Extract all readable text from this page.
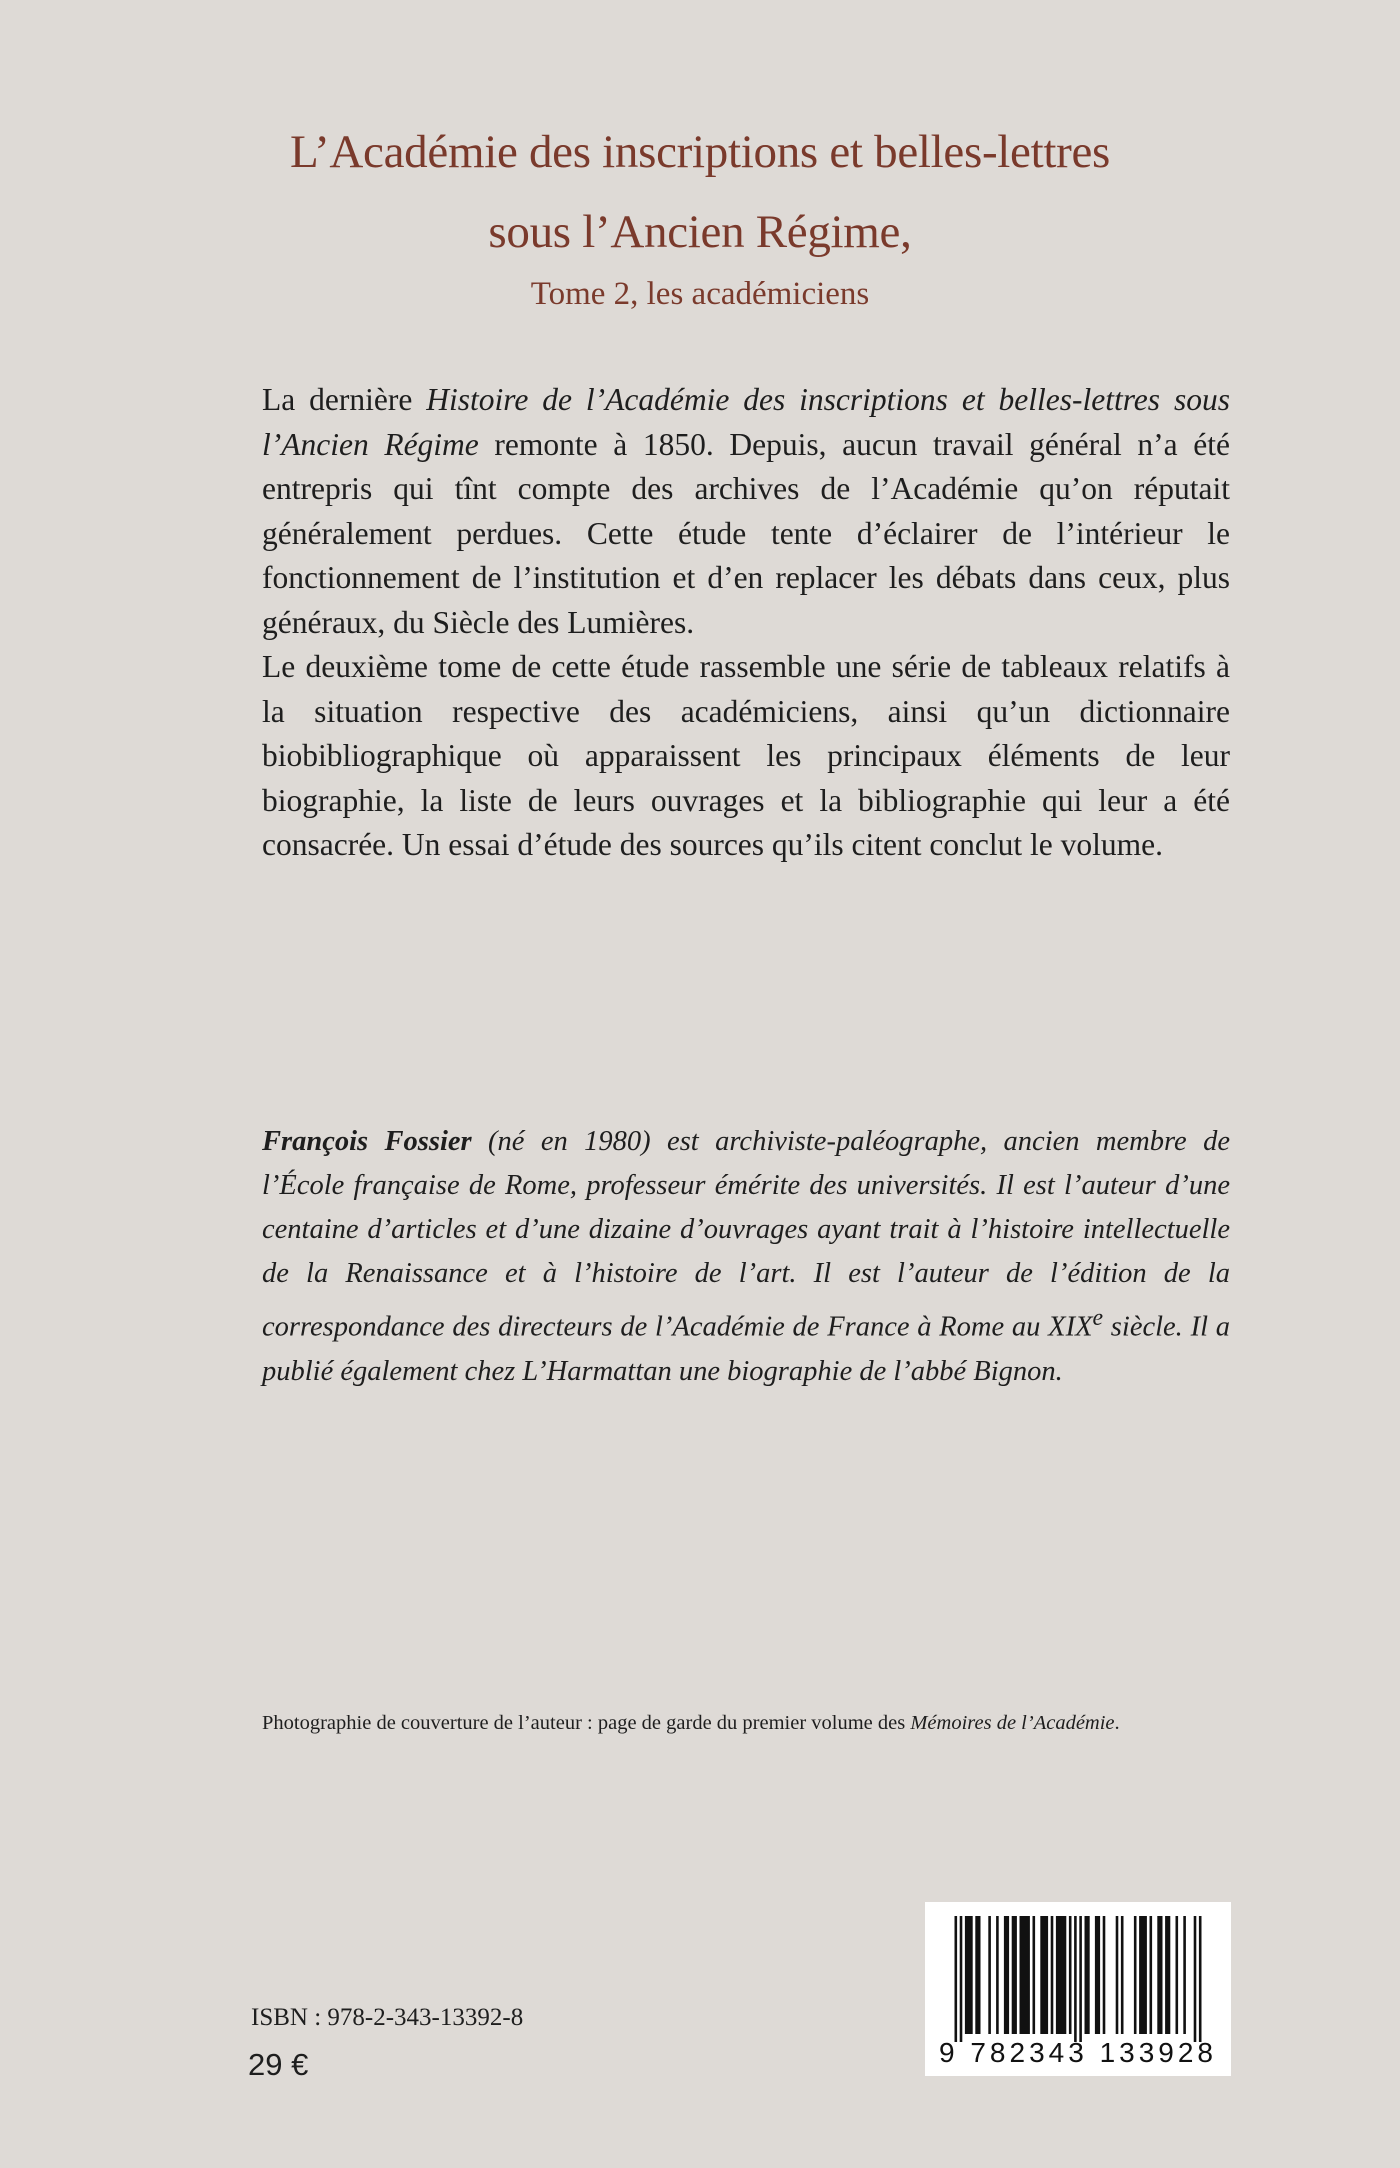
L’Académie des inscriptions et belles-lettres
sous l’Ancien Régime,
Tome 2, les académiciens

La dernière Histoire de l’Académie des inscriptions et belles-lettres sous l’Ancien Régime remonte à 1850. Depuis, aucun travail général n’a été entrepris qui tînt compte des archives de l’Académie qu’on réputait généralement perdues. Cette étude tente d’éclairer de l’intérieur le fonctionnement de l’institution et d’en replacer les débats dans ceux, plus généraux, du Siècle des Lumières.

Le deuxième tome de cette étude rassemble une série de tableaux relatifs à la situation respective des académiciens, ainsi qu’un dictionnaire biobibliographique où apparaissent les principaux éléments de leur biographie, la liste de leurs ouvrages et la bibliographie qui leur a été consacrée. Un essai d’étude des sources qu’ils citent conclut le volume.

François Fossier (né en 1980) est archiviste-paléographe, ancien membre de l’École française de Rome, professeur émérite des universités. Il est l’auteur d’une centaine d’articles et d’une dizaine d’ouvrages ayant trait à l’histoire intellectuelle de la Renaissance et à l’histoire de l’art. Il est l’auteur de l’édition de la correspondance des directeurs de l’Académie de France à Rome au XIXe siècle. Il a publié également chez L’Harmattan une biographie de l’abbé Bignon.
Photographie de couverture de l’auteur : page de garde du premier volume des Mémoires de l’Académie.
ISBN : 978-2-343-13392-8
29 €	9 782343 133928
